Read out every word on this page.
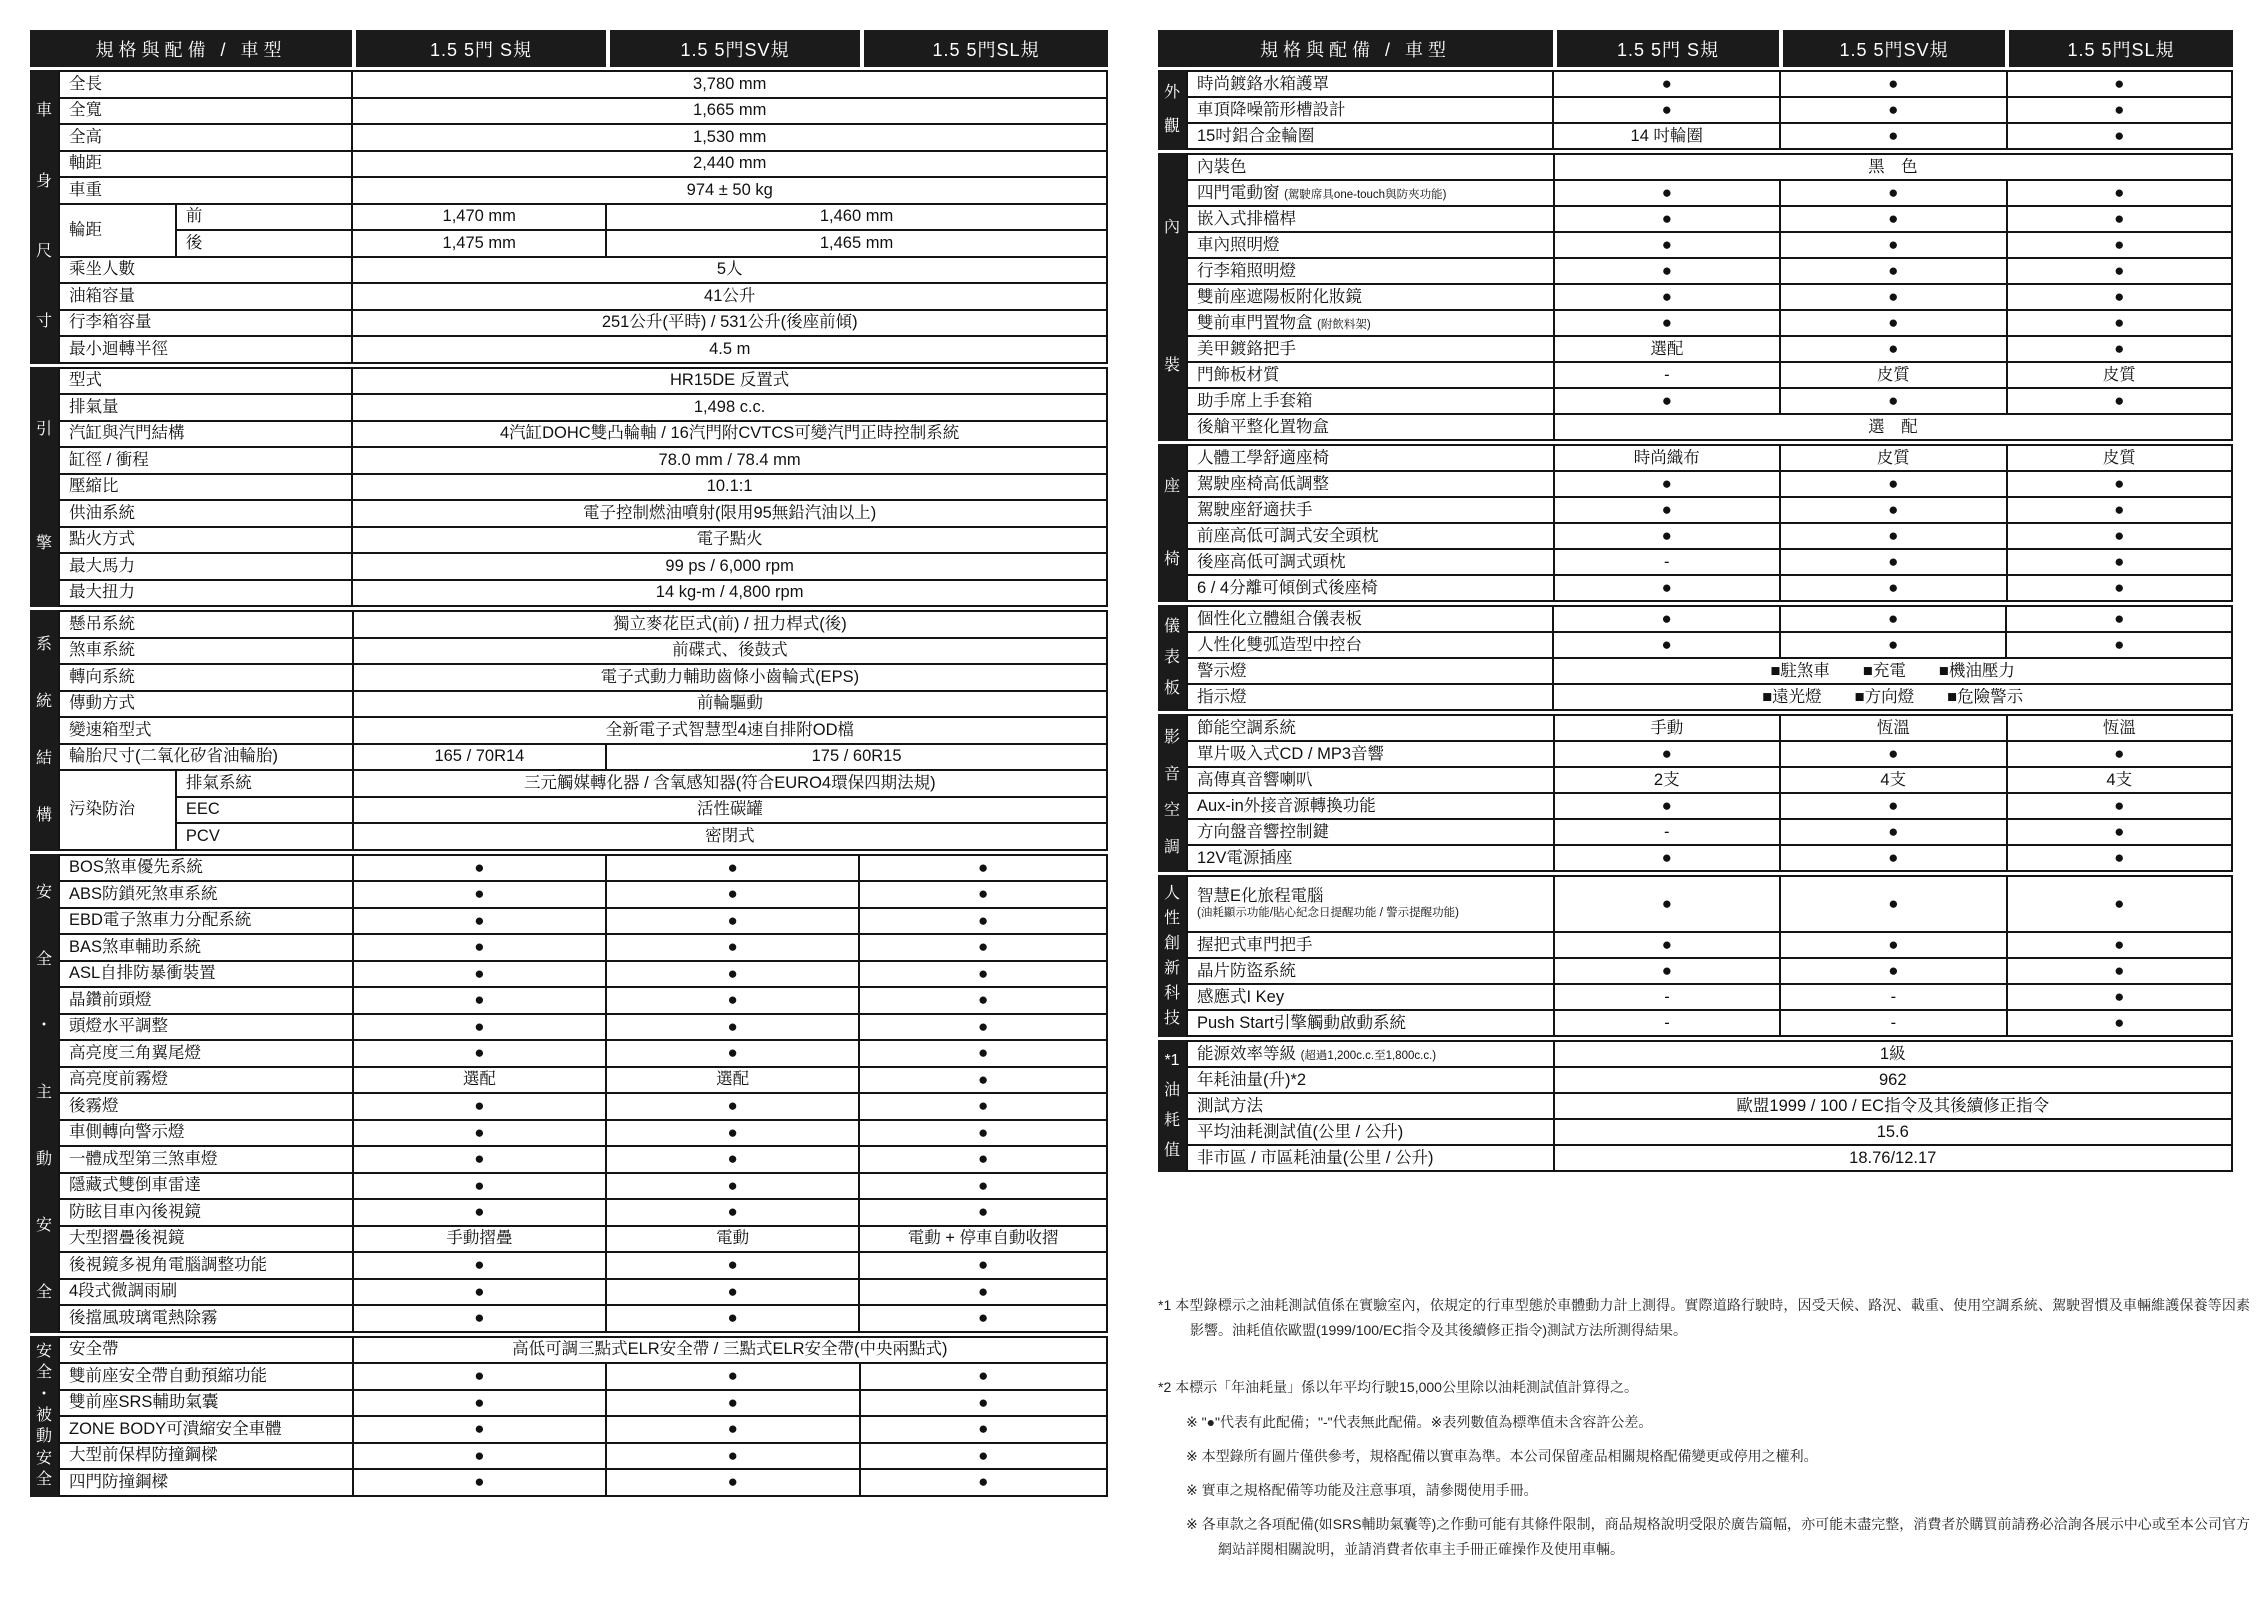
規格與配備 / 車型	1.5 5門 S規	1.5 5門SV規	1.5 5門SL規
車
身
尺
寸
全長		3,780 mm	
全寬		1,665 mm	
全高		1,530 mm	
軸距		2,440 mm	
車重		974 ± 50 kg	
輪距	前	1,470 mm	1,460 mm
	後	1,475 mm	1,465 mm
乘坐人數		5人	
油箱容量		41公升	
行李箱容量		251公升(平時) / 531公升(後座前傾)	
最小迴轉半徑		4.5 m	
引
擎
型式	HR15DE 反置式
排氣量	1,498 c.c.
汽缸與汽門結構	4汽缸DOHC雙凸輪軸 / 16汽門附CVTCS可變汽門正時控制系統
缸徑 / 衝程	78.0 mm / 78.4 mm
壓縮比	10.1:1
供油系統	電子控制燃油噴射(限用95無鉛汽油以上)
點火方式	電子點火
最大馬力	99 ps / 6,000 rpm
最大扭力	14 kg-m / 4,800 rpm
系
統
結
構
懸吊系統		獨立麥花臣式(前) / 扭力桿式(後)	
煞車系統		前碟式、後鼓式	
轉向系統		電子式動力輔助齒條小齒輪式(EPS)	
傳動方式		前輪驅動	
變速箱型式		全新電子式智慧型4速自排附OD檔	
輪胎尺寸(二氧化矽省油輪胎)		165 / 70R14	175 / 60R15
污染防治	排氣系統	三元觸媒轉化器 / 含氧感知器(符合EURO4環保四期法規)	
	EEC	活性碳罐	
	PCV	密閉式	
安
全
・
主
動
安
全
BOS煞車優先系統	●	●	●
ABS防鎖死煞車系統	●	●	●
EBD電子煞車力分配系統	●	●	●
BAS煞車輔助系統	●	●	●
ASL自排防暴衝裝置	●	●	●
晶鑽前頭燈	●	●	●
頭燈水平調整	●	●	●
高亮度三角翼尾燈	●	●	●
高亮度前霧燈	選配	選配	●
後霧燈	●	●	●
車側轉向警示燈	●	●	●
一體成型第三煞車燈	●	●	●
隱藏式雙倒車雷達	●	●	●
防眩目車內後視鏡	●	●	●
大型摺疊後視鏡	手動摺疊	電動	電動 + 停車自動收摺
後視鏡多視角電腦調整功能	●	●	●
4段式微調雨刷	●	●	●
後擋風玻璃電熱除霧	●	●	●
安
全
・
被
動
安
全
安全帶	高低可調三點式ELR安全帶 / 三點式ELR安全帶(中央兩點式)		
雙前座安全帶自動預縮功能	●	●	●
雙前座SRS輔助氣囊	●	●	●
ZONE BODY可潰縮安全車體	●	●	●
大型前保桿防撞鋼樑	●	●	●
四門防撞鋼樑	●	●	●
規格與配備 / 車型	1.5 5門 S規	1.5 5門SV規	1.5 5門SL規
外
觀
時尚鍍鉻水箱護罩	●	●	●
車頂降噪箭形槽設計	●	●	●
15吋鋁合金輪圈	14 吋輪圈	●	●
內
裝
內裝色	黑　色		
四門電動窗 (駕駛席具one-touch與防夾功能)	●	●	●
嵌入式排檔桿	●	●	●
車內照明燈	●	●	●
行李箱照明燈	●	●	●
雙前座遮陽板附化妝鏡	●	●	●
雙前車門置物盒 (附飲料架)	●	●	●
美甲鍍鉻把手	選配	●	●
門飾板材質	-	皮質	皮質
助手席上手套箱	●	●	●
後艙平整化置物盒	選　配		
座
椅
人體工學舒適座椅	時尚織布	皮質	皮質
駕駛座椅高低調整	●	●	●
駕駛座舒適扶手	●	●	●
前座高低可調式安全頭枕	●	●	●
後座高低可調式頭枕	-	●	●
6 / 4分離可傾倒式後座椅	●	●	●
儀
表
板
個性化立體組合儀表板	●	●	●
人性化雙弧造型中控台	●	●	●
警示燈	■駐煞車　　■充電　　■機油壓力		
指示燈	■遠光燈　　■方向燈　　■危險警示		
影
音
空
調
節能空調系統	手動	恆溫	恆溫
單片吸入式CD / MP3音響	●	●	●
高傳真音響喇叭	2支	4支	4支
Aux-in外接音源轉換功能	●	●	●
方向盤音響控制鍵	-	●	●
12V電源插座	●	●	●
人
性
創
新
科
技
智慧E化旅程電腦
(油耗顯示功能/貼心紀念日提醒功能 / 警示提醒功能)	●	●	●
握把式車門把手	●	●	●
晶片防盜系統	●	●	●
感應式I Key	-	-	●
Push Start引擎觸動啟動系統	-	-	●
*1
油
耗
值
能源效率等級 (超過1,200c.c.至1,800c.c.)	1級
年耗油量(升)*2	962
測試方法	歐盟1999 / 100 / EC指令及其後續修正指令
平均油耗測試值(公里 / 公升)	15.6
非市區 / 市區耗油量(公里 / 公升)	18.76/12.17
*1 本型錄標示之油耗測試值係在實驗室內，依規定的行車型態於車體動力計上測得。實際道路行駛時，因受天候、路況、載重、使用空調系統、駕駛習慣及車輛維護保養等因素影響。油耗值依歐盟(1999/100/EC指令及其後續修正指令)測試方法所測得結果。
*2 本標示「年油耗量」係以年平均行駛15,000公里除以油耗測試值計算得之。
※ "●"代表有此配備；"-"代表無此配備。※表列數值為標準值未含容許公差。
※ 本型錄所有圖片僅供參考，規格配備以實車為準。本公司保留產品相關規格配備變更或停用之權利。
※ 實車之規格配備等功能及注意事項，請參閱使用手冊。
※ 各車款之各項配備(如SRS輔助氣囊等)之作動可能有其條件限制，商品規格說明受限於廣告篇幅，亦可能未盡完整，消費者於購買前請務必洽詢各展示中心或至本公司官方網站詳閱相關說明，並請消費者依車主手冊正確操作及使用車輛。
